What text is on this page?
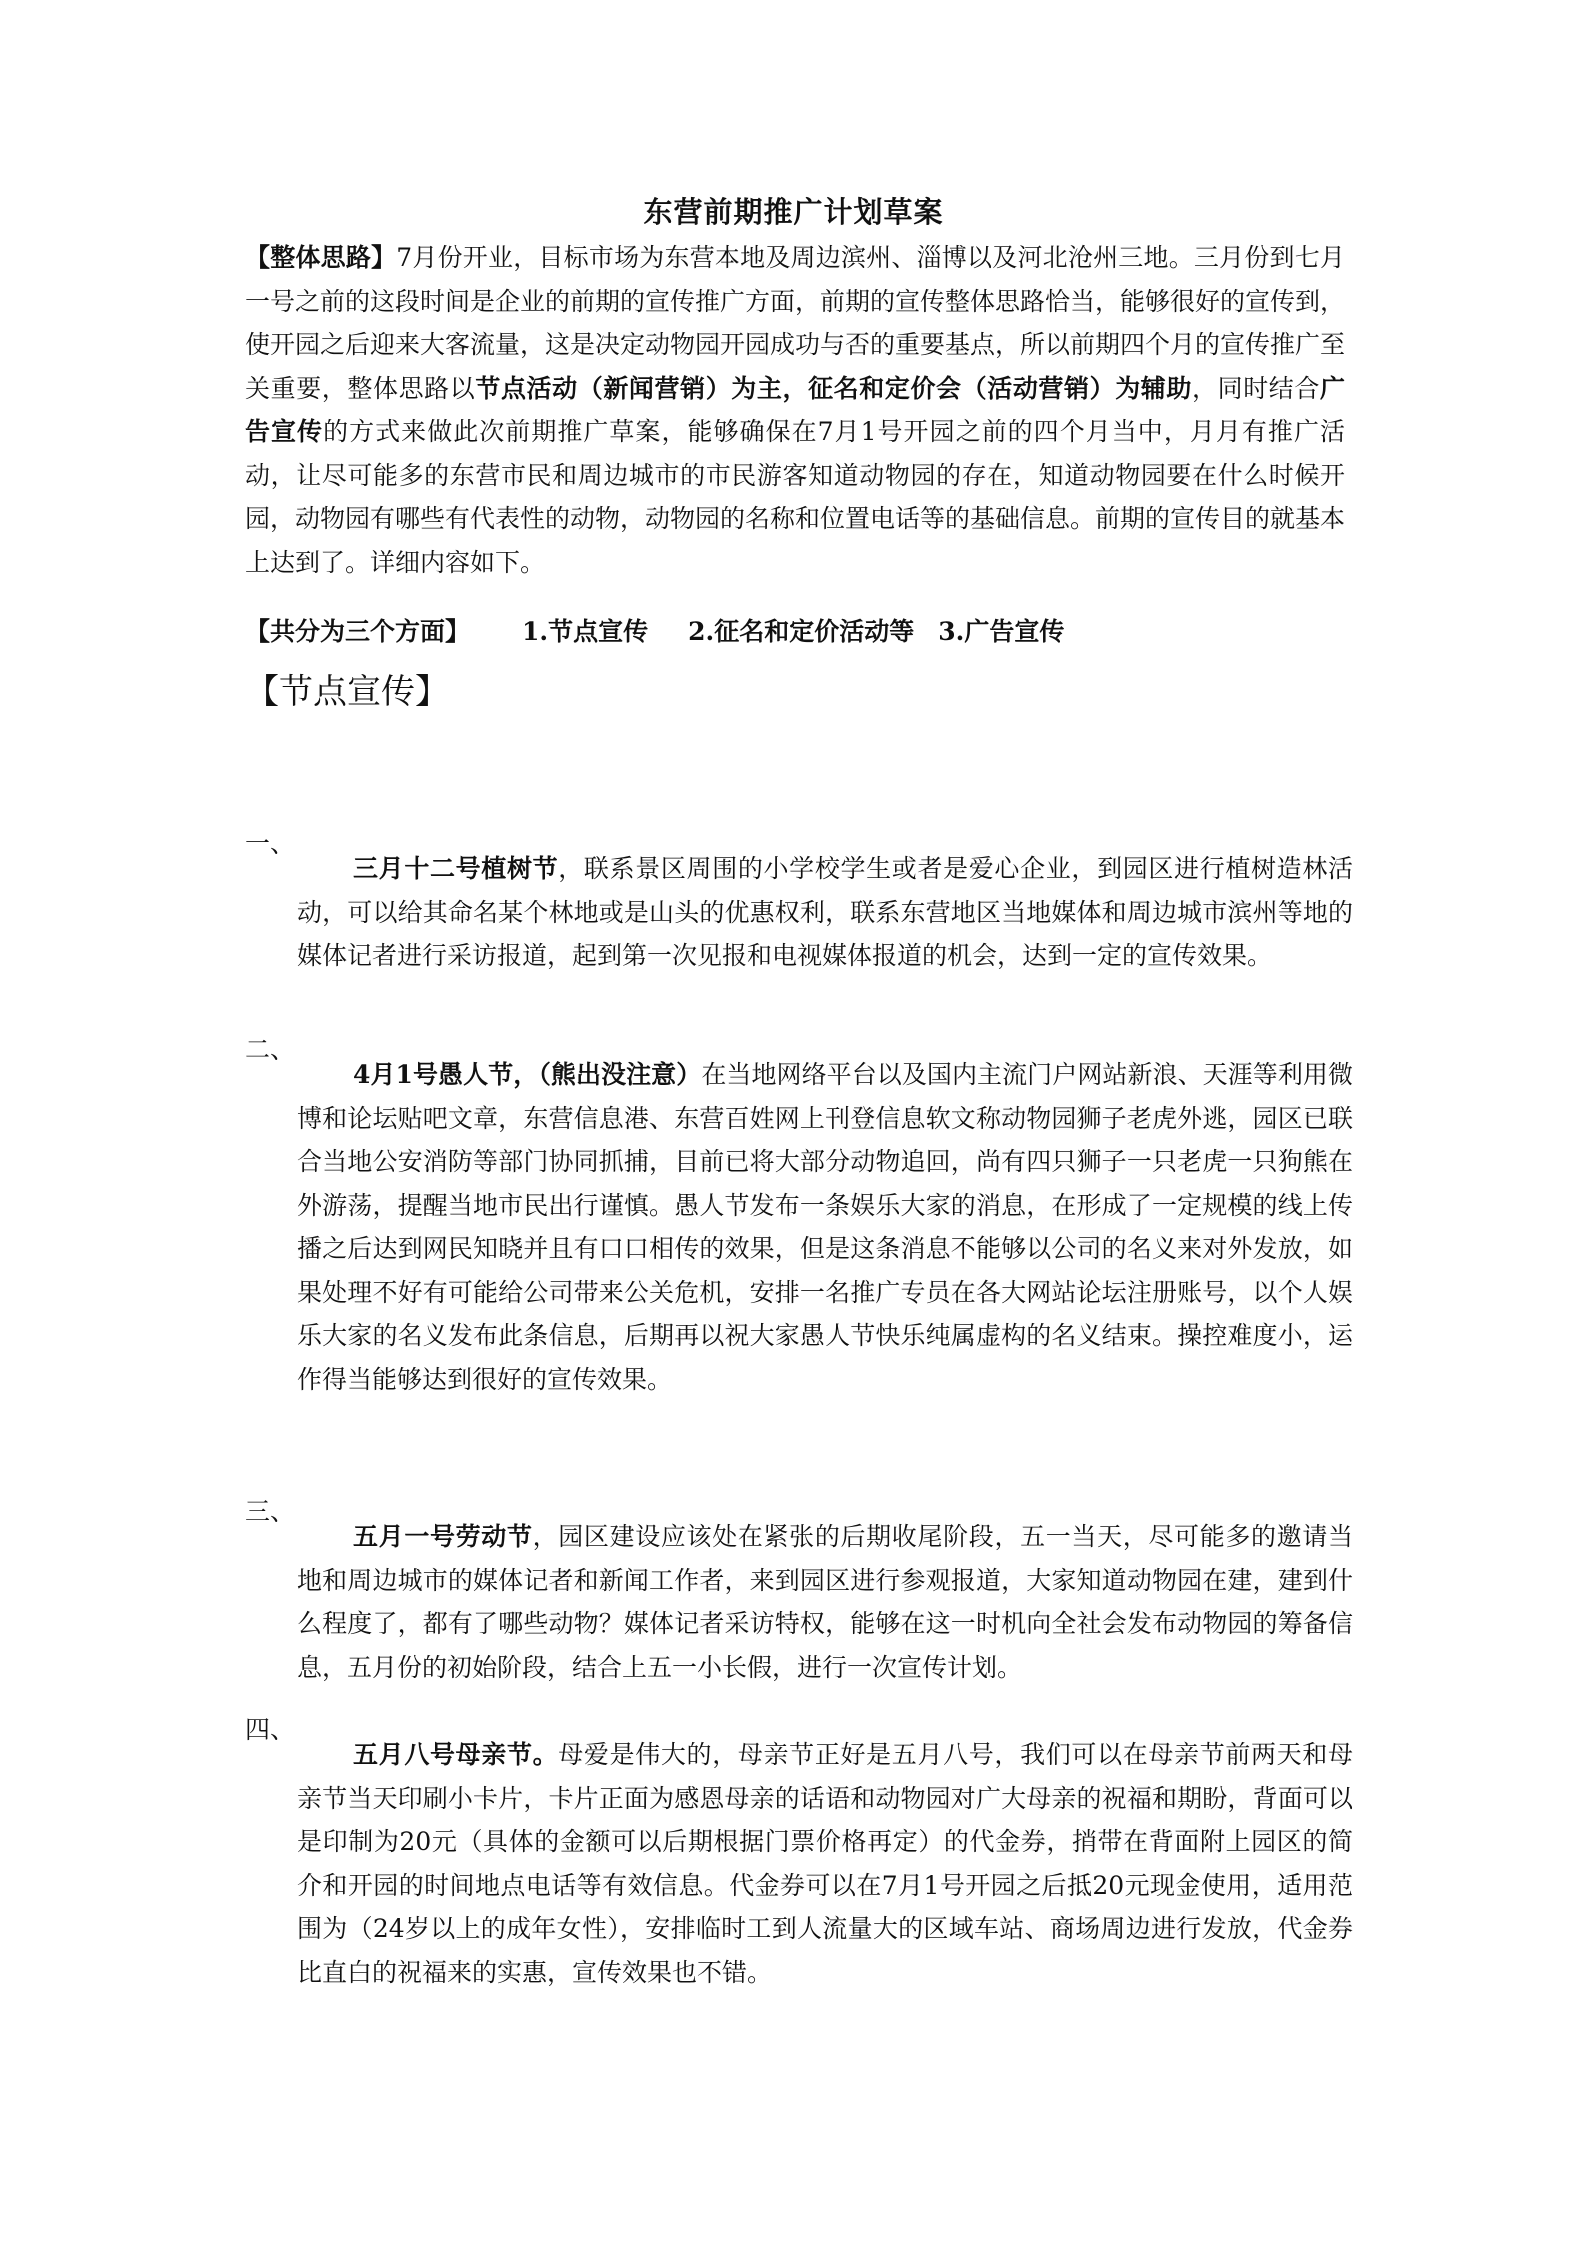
东营前期推广计划草案

【整体思路】7月份开业，目标市场为东营本地及周边滨州、淄博以及河北沧州三地。三月份到七月一号之前的这段时间是企业的前期的宣传推广方面，前期的宣传整体思路恰当，能够很好的宣传到，使开园之后迎来大客流量，这是决定动物园开园成功与否的重要基点，所以前期四个月的宣传推广至关重要，整体思路以节点活动（新闻营销）为主，征名和定价会（活动营销）为辅助，同时结合广告宣传的方式来做此次前期推广草案，能够确保在7月1号开园之前的四个月当中，月月有推广活动，让尽可能多的东营市民和周边城市的市民游客知道动物园的存在，知道动物园要在什么时候开园，动物园有哪些有代表性的动物，动物园的名称和位置电话等的基础信息。前期的宣传目的就基本上达到了。详细内容如下。

【共分为三个方面】 1.节点宣传 2.征名和定价活动等 3.广告宣传

【节点宣传】
一、

三月十二号植树节，联系景区周围的小学校学生或者是爱心企业，到园区进行植树造林活动，可以给其命名某个林地或是山头的优惠权利，联系东营地区当地媒体和周边城市滨州等地的媒体记者进行采访报道，起到第一次见报和电视媒体报道的机会，达到一定的宣传效果。

二、

4月1号愚人节，（熊出没注意）在当地网络平台以及国内主流门户网站新浪、天涯等利用微博和论坛贴吧文章，东营信息港、东营百姓网上刊登信息软文称动物园狮子老虎外逃，园区已联合当地公安消防等部门协同抓捕，目前已将大部分动物追回，尚有四只狮子一只老虎一只狗熊在外游荡，提醒当地市民出行谨慎。愚人节发布一条娱乐大家的消息，在形成了一定规模的线上传播之后达到网民知晓并且有口口相传的效果，但是这条消息不能够以公司的名义来对外发放，如果处理不好有可能给公司带来公关危机，安排一名推广专员在各大网站论坛注册账号，以个人娱乐大家的名义发布此条信息，后期再以祝大家愚人节快乐纯属虚构的名义结束。操控难度小，运作得当能够达到很好的宣传效果。

三、

五月一号劳动节，园区建设应该处在紧张的后期收尾阶段，五一当天，尽可能多的邀请当地和周边城市的媒体记者和新闻工作者，来到园区进行参观报道，大家知道动物园在建，建到什么程度了，都有了哪些动物？媒体记者采访特权，能够在这一时机向全社会发布动物园的筹备信息，五月份的初始阶段，结合上五一小长假，进行一次宣传计划。

四、

五月八号母亲节。母爱是伟大的，母亲节正好是五月八号，我们可以在母亲节前两天和母亲节当天印刷小卡片，卡片正面为感恩母亲的话语和动物园对广大母亲的祝福和期盼，背面可以是印制为20元（具体的金额可以后期根据门票价格再定）的代金券，捎带在背面附上园区的简介和开园的时间地点电话等有效信息。代金券可以在7月1号开园之后抵20元现金使用，适用范围为（24岁以上的成年女性），安排临时工到人流量大的区域车站、商场周边进行发放，代金券比直白的祝福来的实惠，宣传效果也不错。
